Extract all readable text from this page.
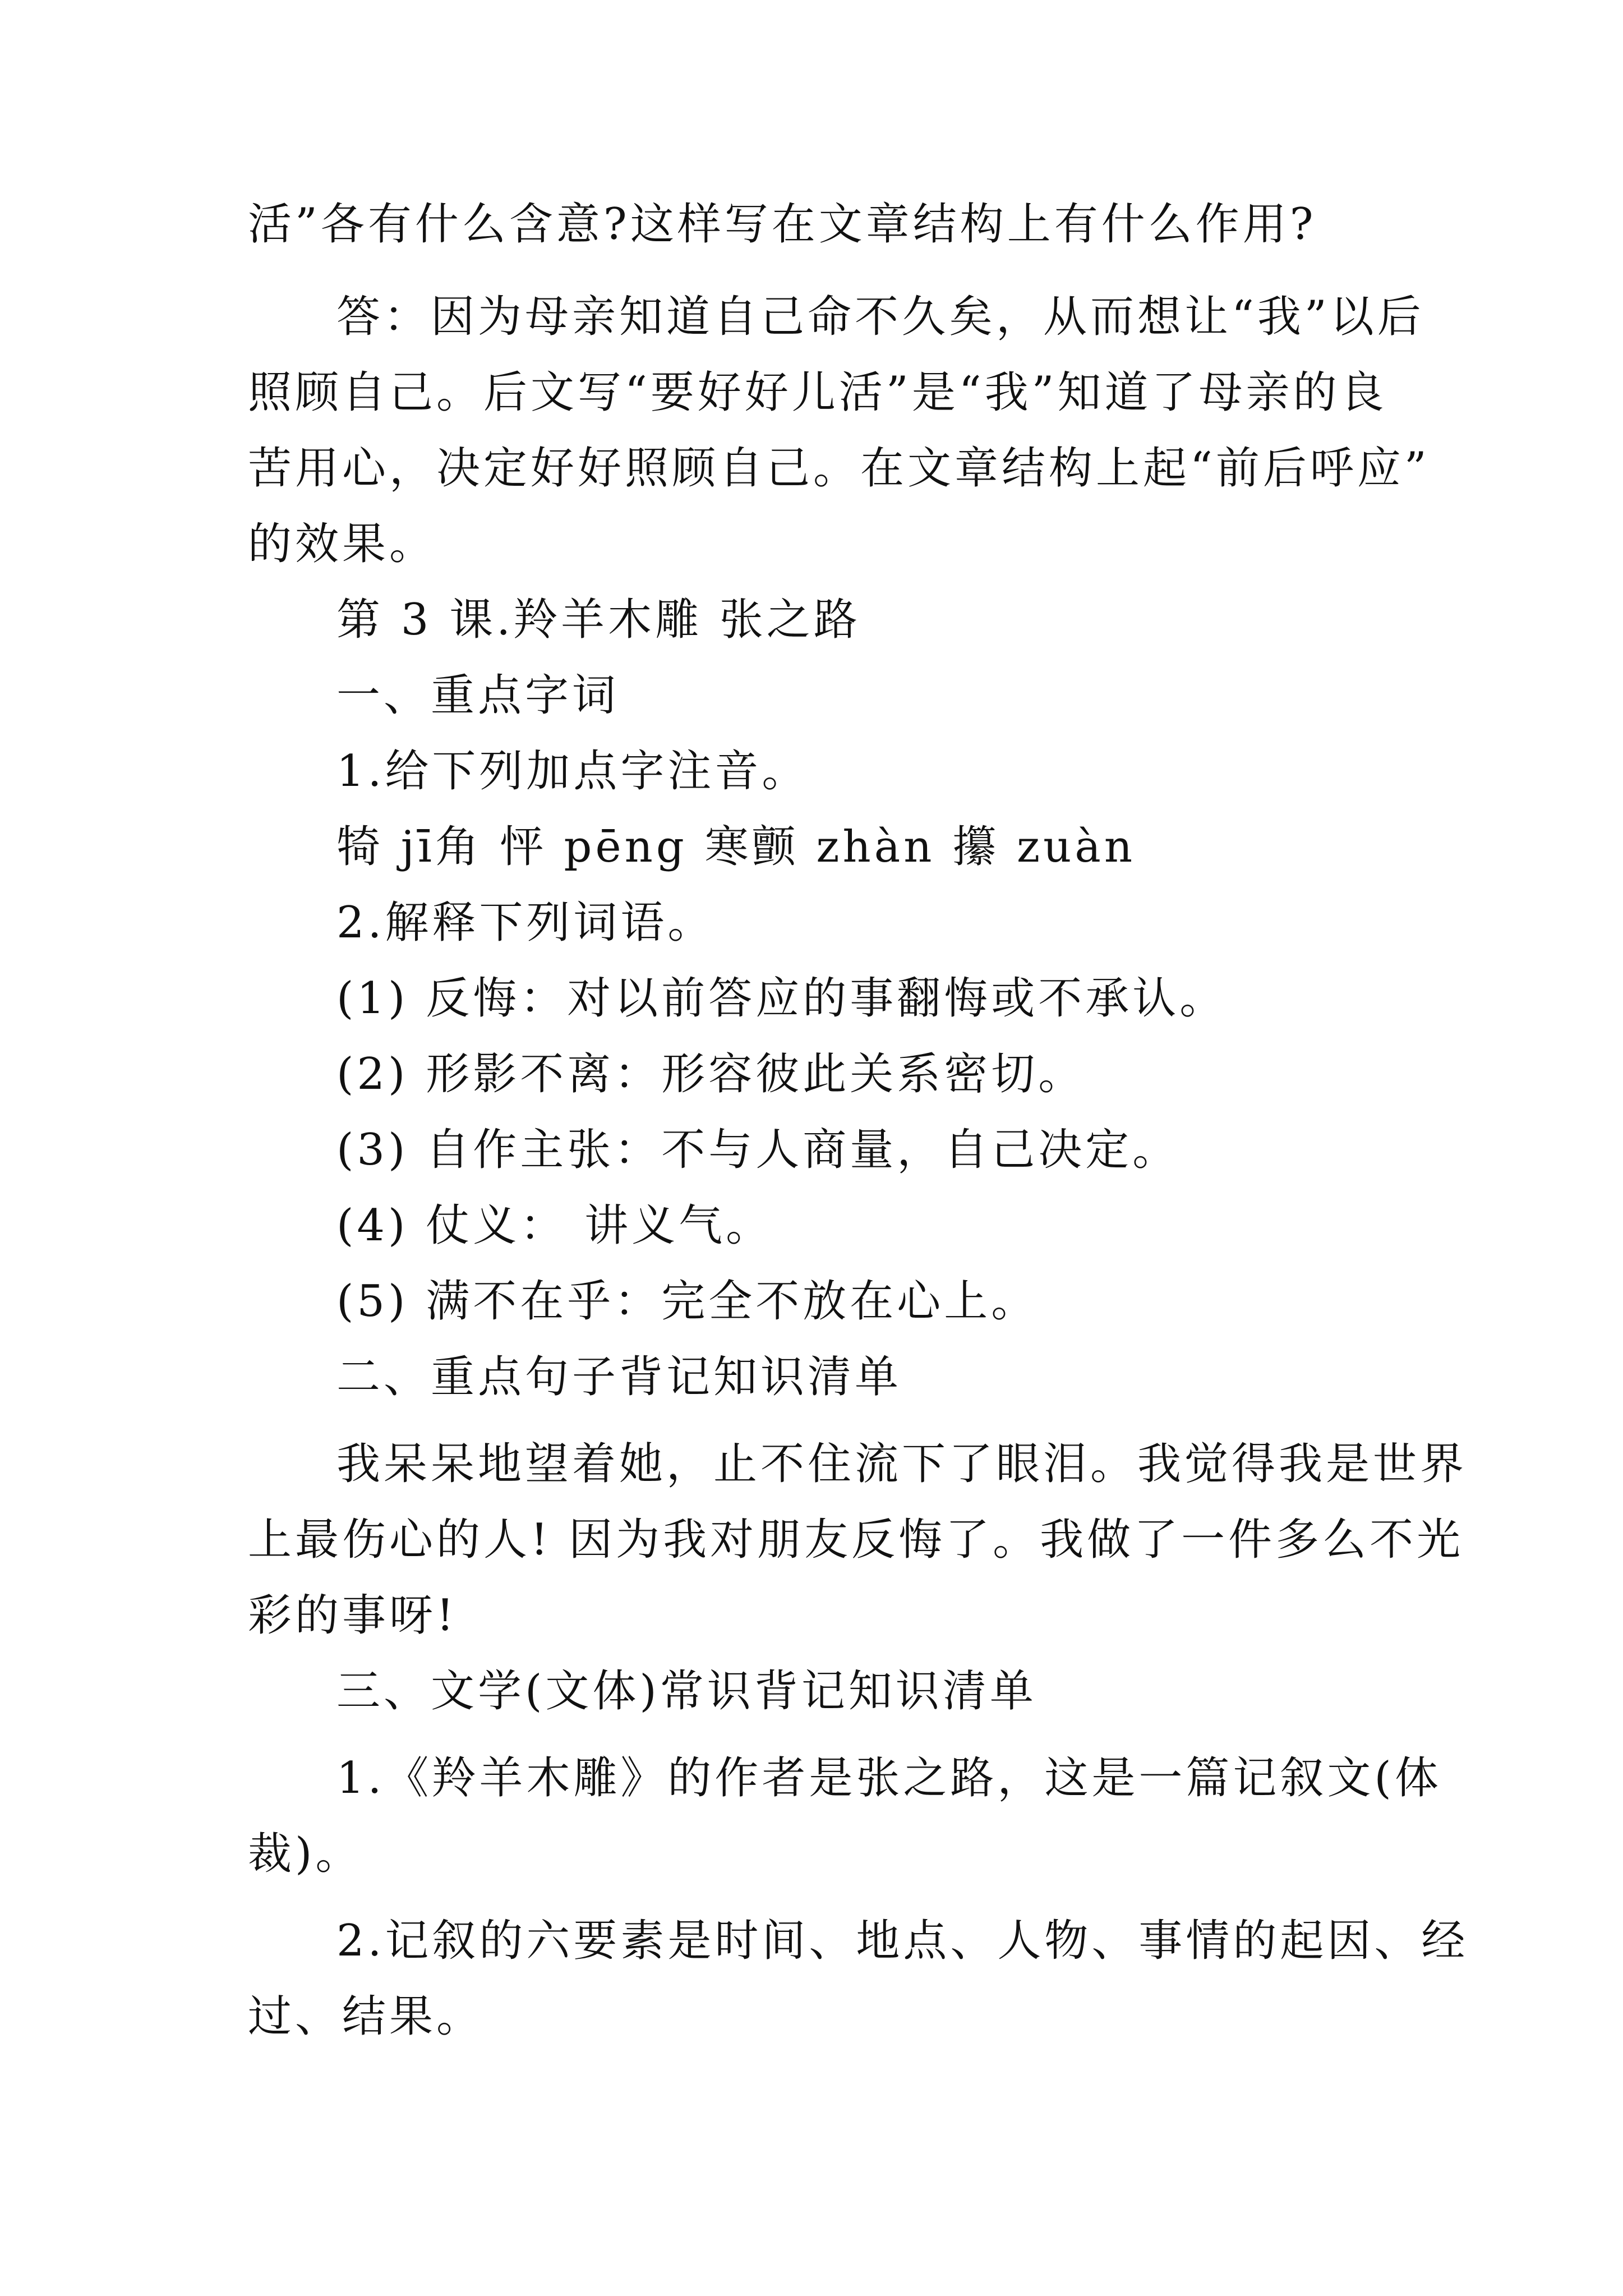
活”各有什么含意?这样写在文章结构上有什么作用?
答：因为母亲知道自己命不久矣，从而想让“我”以后
照顾自己。后文写“要好好儿活”是“我”知道了母亲的良
苦用心，决定好好照顾自己。在文章结构上起“前后呼应”
的效果。
第 3 课.羚羊木雕 张之路
一、重点字词
1.给下列加点字注音。
犄 jī角 怦 pēng 寒颤 zhàn 攥 zuàn
2.解释下列词语。
(1) 反悔：对以前答应的事翻悔或不承认。
(2) 形影不离：形容彼此关系密切。
(3) 自作主张：不与人商量，自己决定。
(4) 仗义： 讲义气。
(5) 满不在乎：完全不放在心上。
二、重点句子背记知识清单
我呆呆地望着她，止不住流下了眼泪。我觉得我是世界
上最伤心的人! 因为我对朋友反悔了。我做了一件多么不光
彩的事呀!
三、文学(文体)常识背记知识清单
1.《羚羊木雕》的作者是张之路，这是一篇记叙文(体
裁)。
2.记叙的六要素是时间、地点、人物、事情的起因、经
过、结果。
